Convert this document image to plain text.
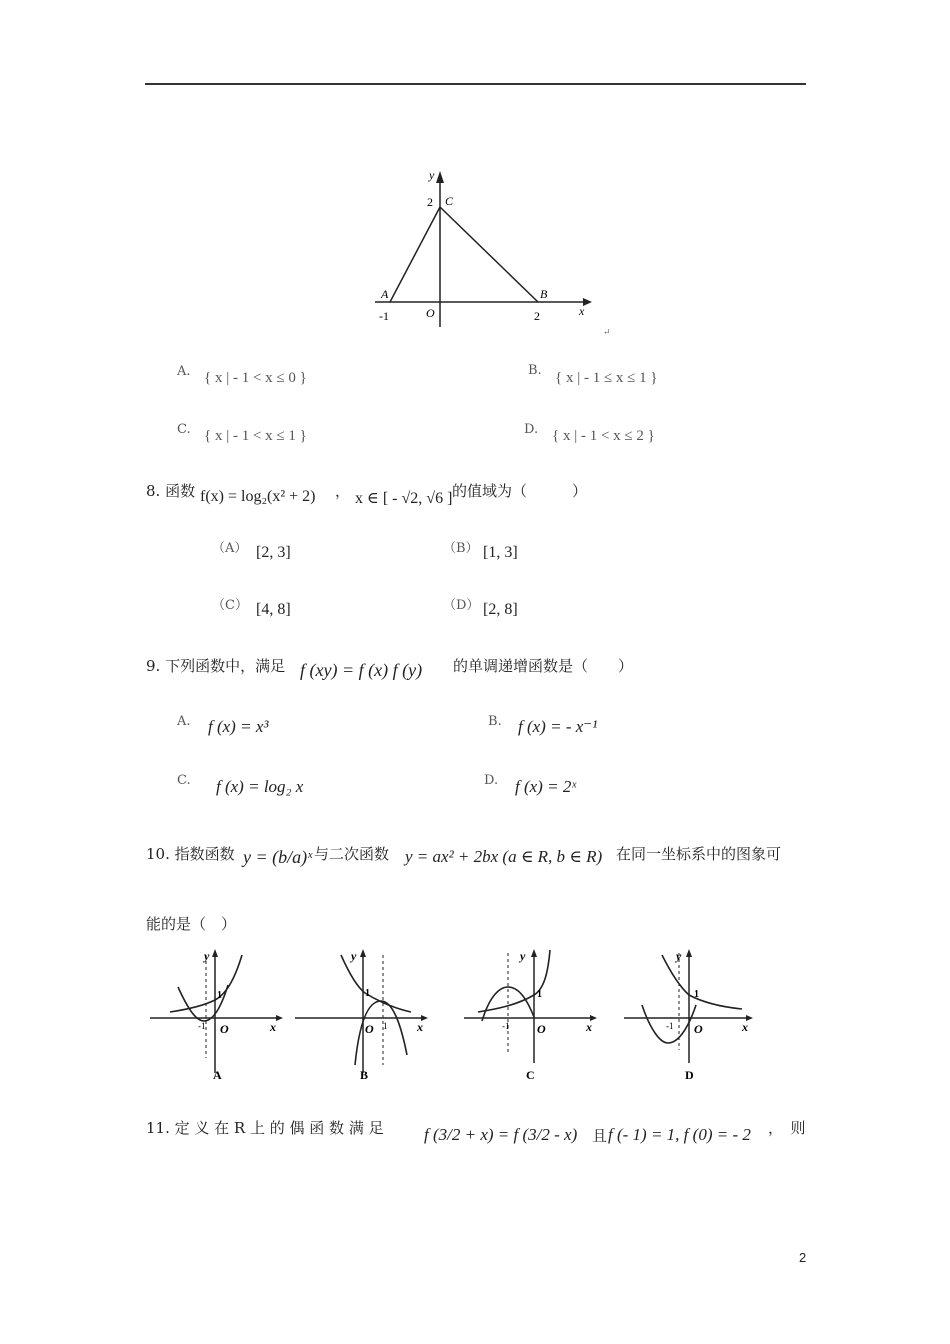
y
x
A	B
C
O
2
-1	2
↵
A. { x | - 1 < x ≤ 0 }	B. { x | - 1 ≤ x ≤ 1 }
C. { x | - 1 < x ≤ 1 }	D. { x | - 1 < x ≤ 2 }
8. 函数 f(x) = log₂(x² + 2) ， x ∈ [ - √2, √6 ] 的值域为（　　　）
（A） [2, 3]	（B） [1, 3]
（C） [4, 8]	（D） [2, 8]
9. 下列函数中，满足 f (xy) = f (x) f (y) 的单调递增函数是（　　）
A. f (x) = x³	B. f (x) = - x⁻¹
C. f (x) = log₂ x	D. f (x) = 2ˣ
10. 指数函数 y = (b/a)ˣ 与二次函数 y = ax² + 2bx (a ∈ R, b ∈ R) 在同一坐标系中的图象可
能的是（　）
y
x
O
1
-1
A
y
x
O
1
1
B
y
x
O
1
-1
C
y
x
O
1
-1
D
11. 定 义 在 R 上 的 偶 函 数 满 足 f (3/2 + x) = f (3/2 - x) 且 f (- 1) = 1, f (0) = - 2 ，　则
2
